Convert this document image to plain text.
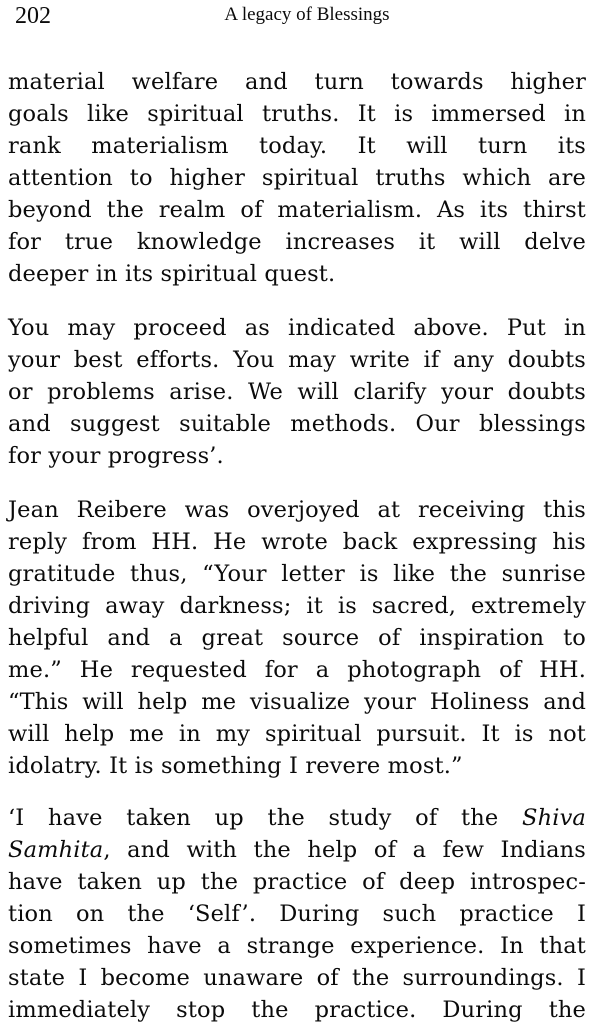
202	A legacy of Blessings
material welfare and turn towards higher
goals like spiritual truths. It is immersed in
rank materialism today. It will turn its
attention to higher spiritual truths which are
beyond the realm of materialism. As its thirst
for true knowledge increases it will delve
deeper in its spiritual quest.
You may proceed as indicated above. Put in
your best efforts. You may write if any doubts
or problems arise. We will clarify your doubts
and suggest suitable methods. Our blessings
for your progress’.
Jean Reibere was overjoyed at receiving this
reply from HH. He wrote back expressing his
gratitude thus, “Your letter is like the sunrise
driving away darkness; it is sacred, extremely
helpful and a great source of inspiration to
me.” He requested for a photograph of HH.
“This will help me visualize your Holiness and
will help me in my spiritual pursuit. It is not
idolatry. It is something I revere most.”
‘I have taken up the study of the Shiva
Samhita, and with the help of a few Indians
have taken up the practice of deep introspec-
tion on the ‘Self’. During such practice I
sometimes have a strange experience. In that
state I become unaware of the surroundings. I
immediately stop the practice. During the
